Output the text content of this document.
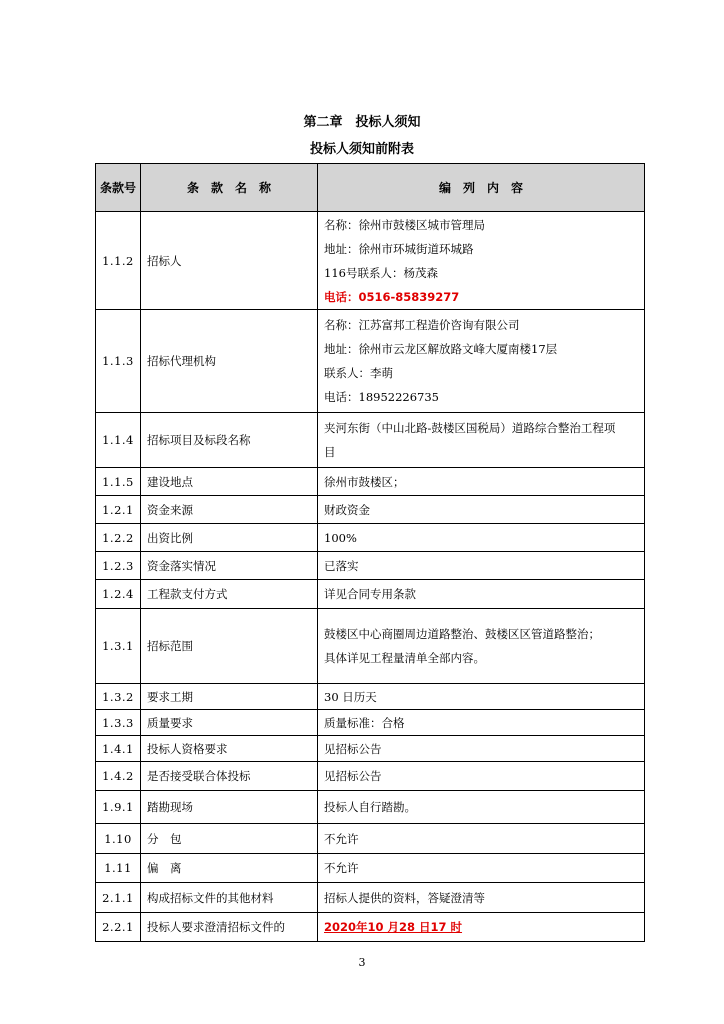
第二章　投标人须知
投标人须知前附表
条款号	条　款　名　称	编　列　内　容
1.1.2	招标人	名称：徐州市鼓楼区城市管理局
地址：徐州市环城街道环城路
116号联系人：杨茂森
电话：0516-85839277

1.1.3	招标代理机构	名称：江苏富邦工程造价咨询有限公司
地址：徐州市云龙区解放路文峰大厦南楼17层
联系人：李萌
电话：18952226735

1.1.4	招标项目及标段名称	夹河东街（中山北路-鼓楼区国税局）道路综合整治工程项
目

1.1.5	建设地点	徐州市鼓楼区；
1.2.1	资金来源	财政资金
1.2.2	出资比例	100%
1.2.3	资金落实情况	已落实
1.2.4	工程款支付方式	详见合同专用条款
1.3.1	招标范围	鼓楼区中心商圈周边道路整治、鼓楼区区管道路整治；
具体详见工程量清单全部内容。

1.3.2	要求工期	30 日历天
1.3.3	质量要求	质量标准：合格
1.4.1	投标人资格要求	见招标公告
1.4.2	是否接受联合体投标	见招标公告
1.9.1	踏勘现场	投标人自行踏勘。
1.10	分　包	不允许
1.11	偏　离	不允许
2.1.1	构成招标文件的其他材料	招标人提供的资料，答疑澄清等
2.2.1	投标人要求澄清招标文件的	2020年10 月28 日17 时
3
